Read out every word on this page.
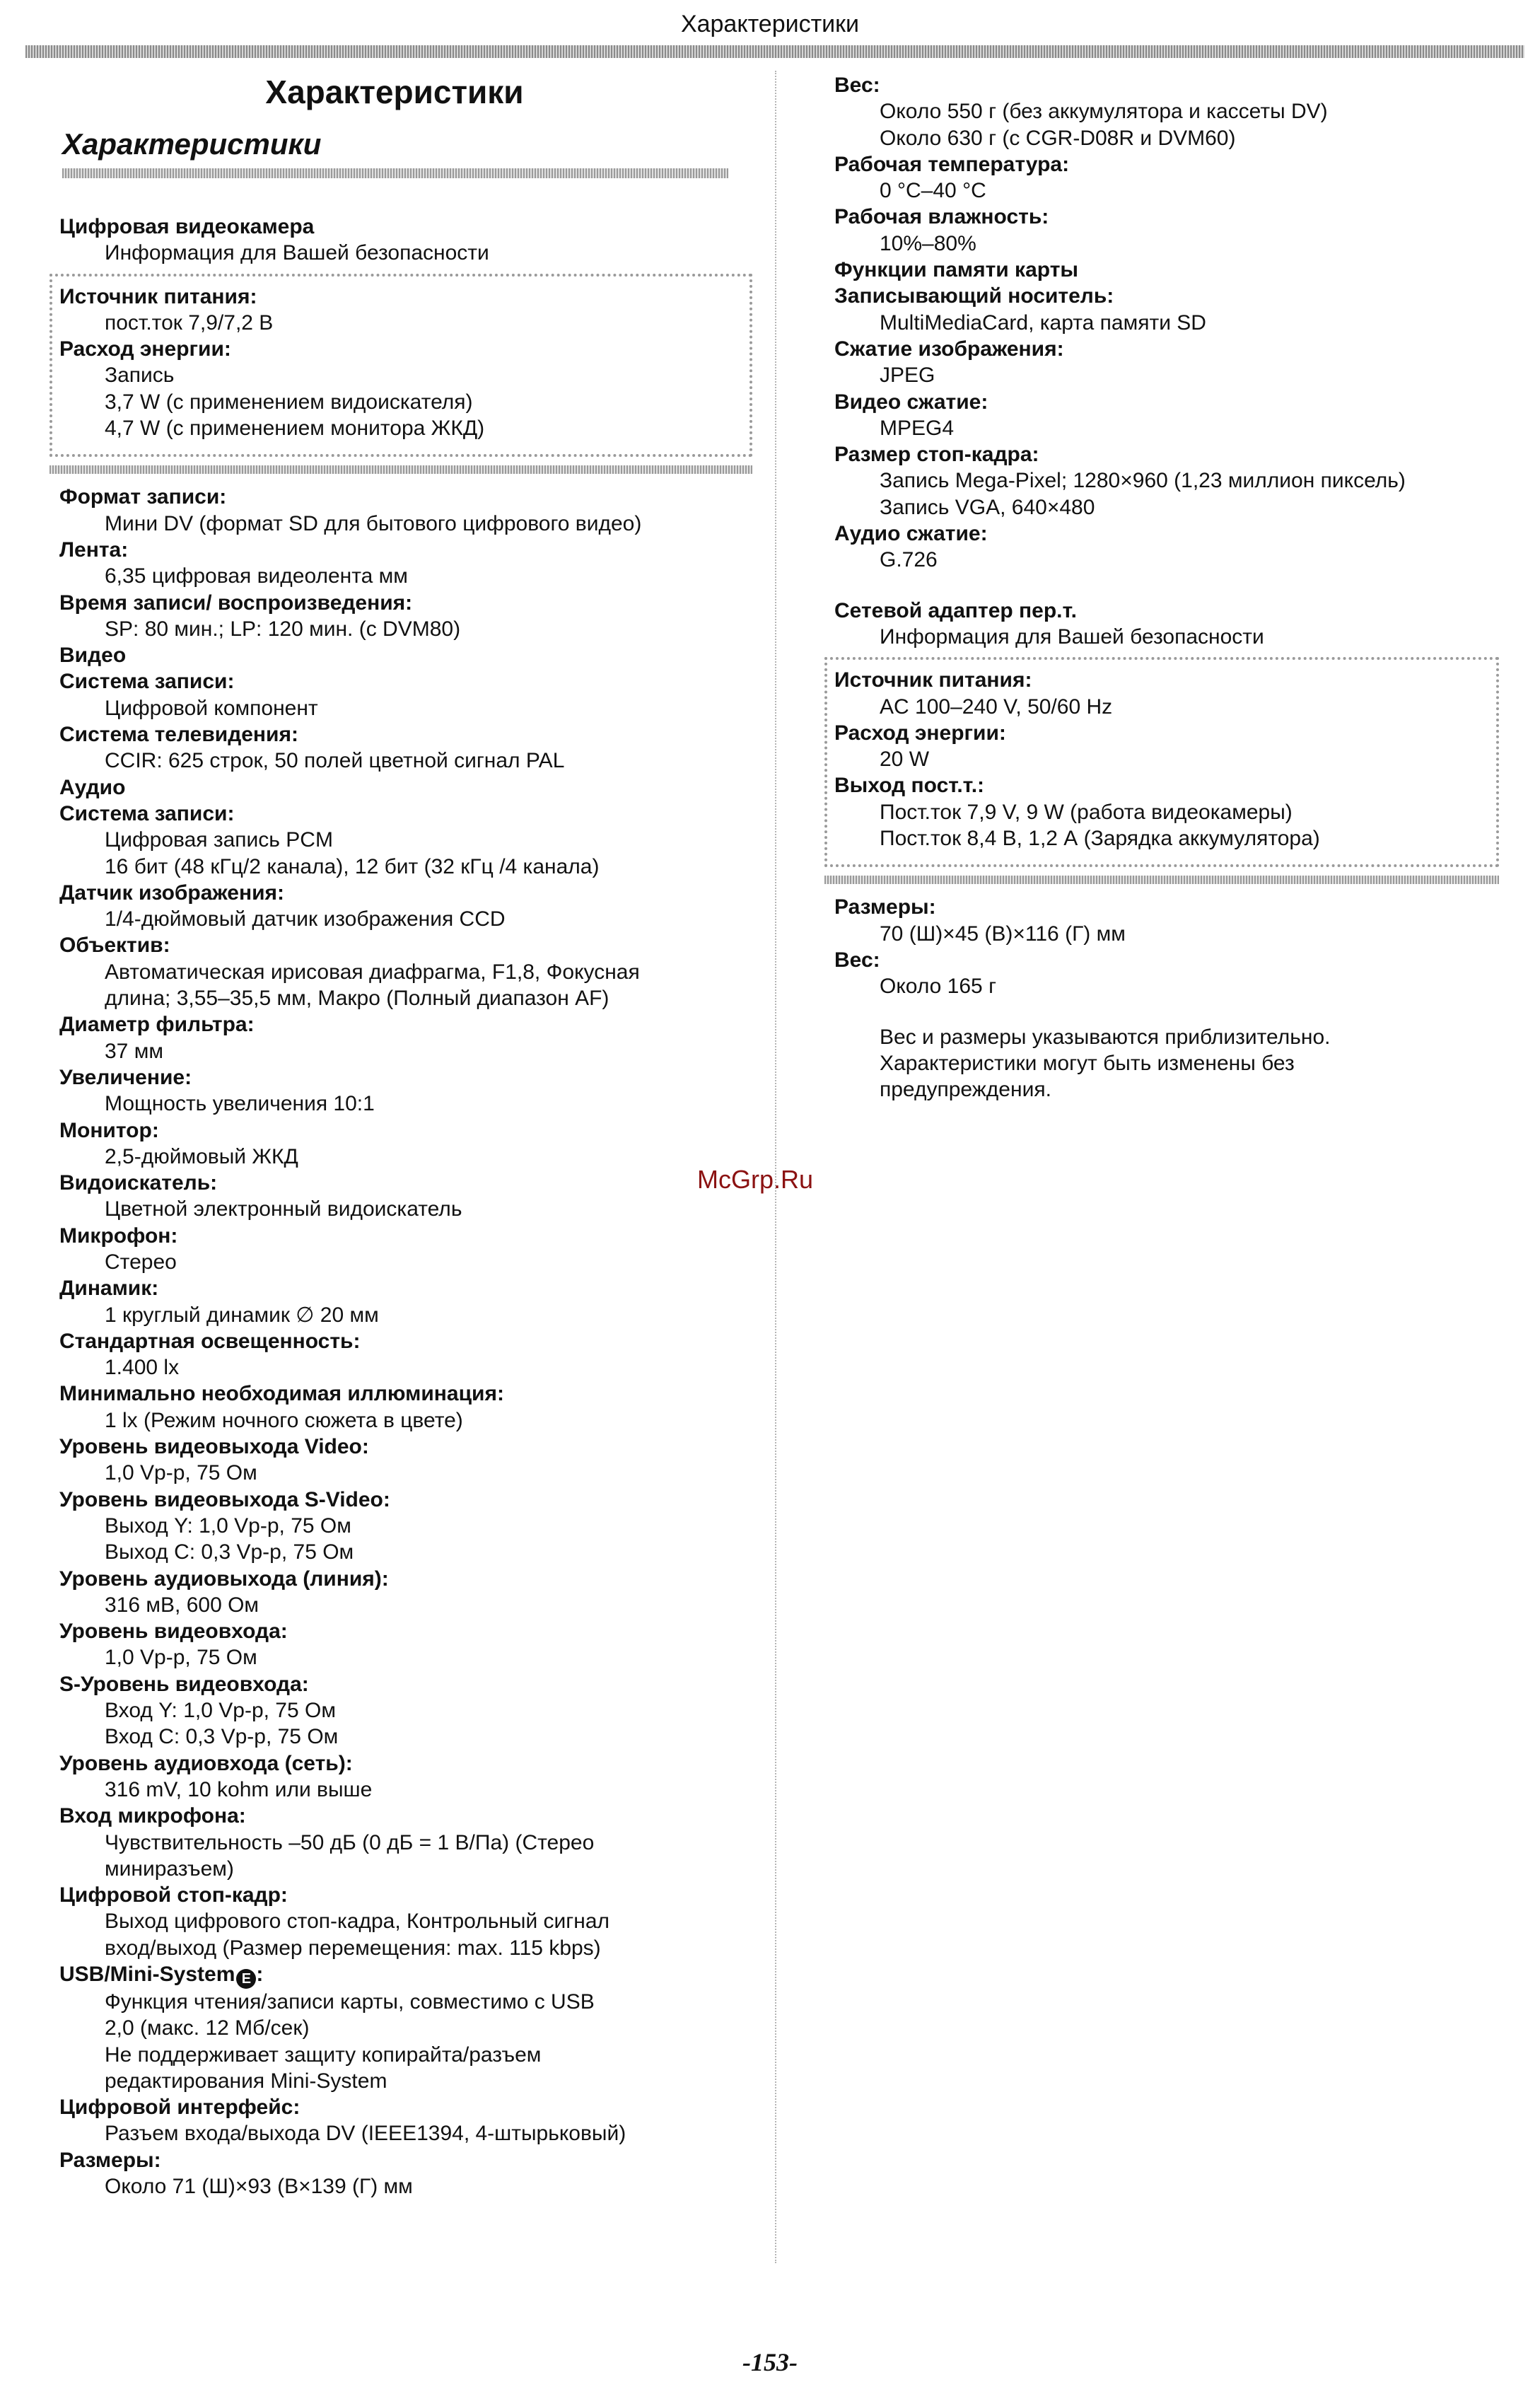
Характеристики
Характеристики
Характеристики
Цифровая видеокамера
Информация для Вашей безопасности
Источник питания:
пост.ток 7,9/7,2 В
Расход энергии:
Запись
3,7 W (с применением видоискателя)
4,7 W (с применением монитора ЖКД)
Формат записи:
Мини DV (формат SD для бытового цифрового видео)
Лента:
6,35 цифровая видеолента мм
Время записи/ воспроизведения:
SP: 80 мин.; LP: 120 мин. (с DVM80)
Видео
Система записи:
Цифровой компонент
Система телевидения:
CCIR: 625 строк, 50 полей цветной сигнал PAL
Аудио
Система записи:
Цифровая запись PCM
16 бит (48 кГц/2 канала), 12 бит (32 кГц /4 канала)
Датчик изображения:
1/4-дюймовый датчик изображения CCD
Объектив:
Автоматическая ирисовая диафрагма, F1,8, Фокусная
длина; 3,55–35,5 мм, Макро (Полный диапазон AF)
Диаметр фильтра:
37 мм
Увеличение:
Мощность увеличения 10:1
Монитор:
2,5-дюймовый ЖКД
Видоискатель:
Цветной электронный видоискатель
Микрофон:
Стерео
Динамик:
1 круглый динамик ∅ 20 мм
Стандартная освещенность:
1.400 lx
Минимально необходимая иллюминация:
1 lx (Режим ночного сюжета в цвете)
Уровень видеовыхода Video:
1,0 Vp-p, 75 Ом
Уровень видеовыхода S-Video:
Выход Y: 1,0 Vp-p, 75 Ом
Выход C: 0,3 Vp-p, 75 Ом
Уровень аудиовыхода (линия):
316 мВ, 600 Ом
Уровень видеовхода:
1,0 Vp-p, 75 Ом
S-Уровень видеовхода:
Вход Y: 1,0 Vp-p, 75 Ом
Вход C: 0,3 Vp-p, 75 Ом
Уровень аудиовхода (сеть):
316 mV, 10 kohm или выше
Вход микрофона:
Чувствительность –50 дБ (0 дБ = 1 В/Па) (Стерео
миниразъем)
Цифровой стоп-кадр:
Выход цифрового стоп-кадра, Контрольный сигнал
вход/выход (Размер перемещения: max. 115 kbps)
USB/Mini-System E :
Функция чтения/записи карты, совместимо с USB
2,0 (макс. 12 Мб/сек)
Не поддерживает защиту копирайта/разъем
редактирования Mini-System
Цифровой интерфейс:
Разъем входа/выхода DV (IEEE1394, 4-штырьковый)
Размеры:
Около 71 (Ш)×93 (В×139 (Г) мм
Вес:
Около 550 г (без аккумулятора и кассеты DV)
Около 630 г (с CGR-D08R и DVM60)
Рабочая температура:
0 °C–40 °C
Рабочая влажность:
10%–80%
Функции памяти карты
Записывающий носитель:
MultiMediaCard, карта памяти SD
Сжатие изображения:
JPEG
Видео сжатие:
MPEG4
Размер стоп-кадра:
Запись Mega-Pixel; 1280×960 (1,23 миллион пиксель)
Запись VGA, 640×480
Аудио сжатие:
G.726
Сетевой адаптер пер.т.
Информация для Вашей безопасности
Источник питания:
AC 100–240 V, 50/60 Hz
Расход энергии:
20 W
Выход пост.т.:
Пост.ток 7,9 V, 9 W (работа видеокамеры)
Пост.ток 8,4 В, 1,2 А (Зарядка аккумулятора)
Размеры:
70 (Ш)×45 (В)×116 (Г) мм
Вес:
Около 165 г
Вес и размеры указываются приблизительно.
Характеристики могут быть изменены без
предупреждения.
McGrp.Ru
-153-
